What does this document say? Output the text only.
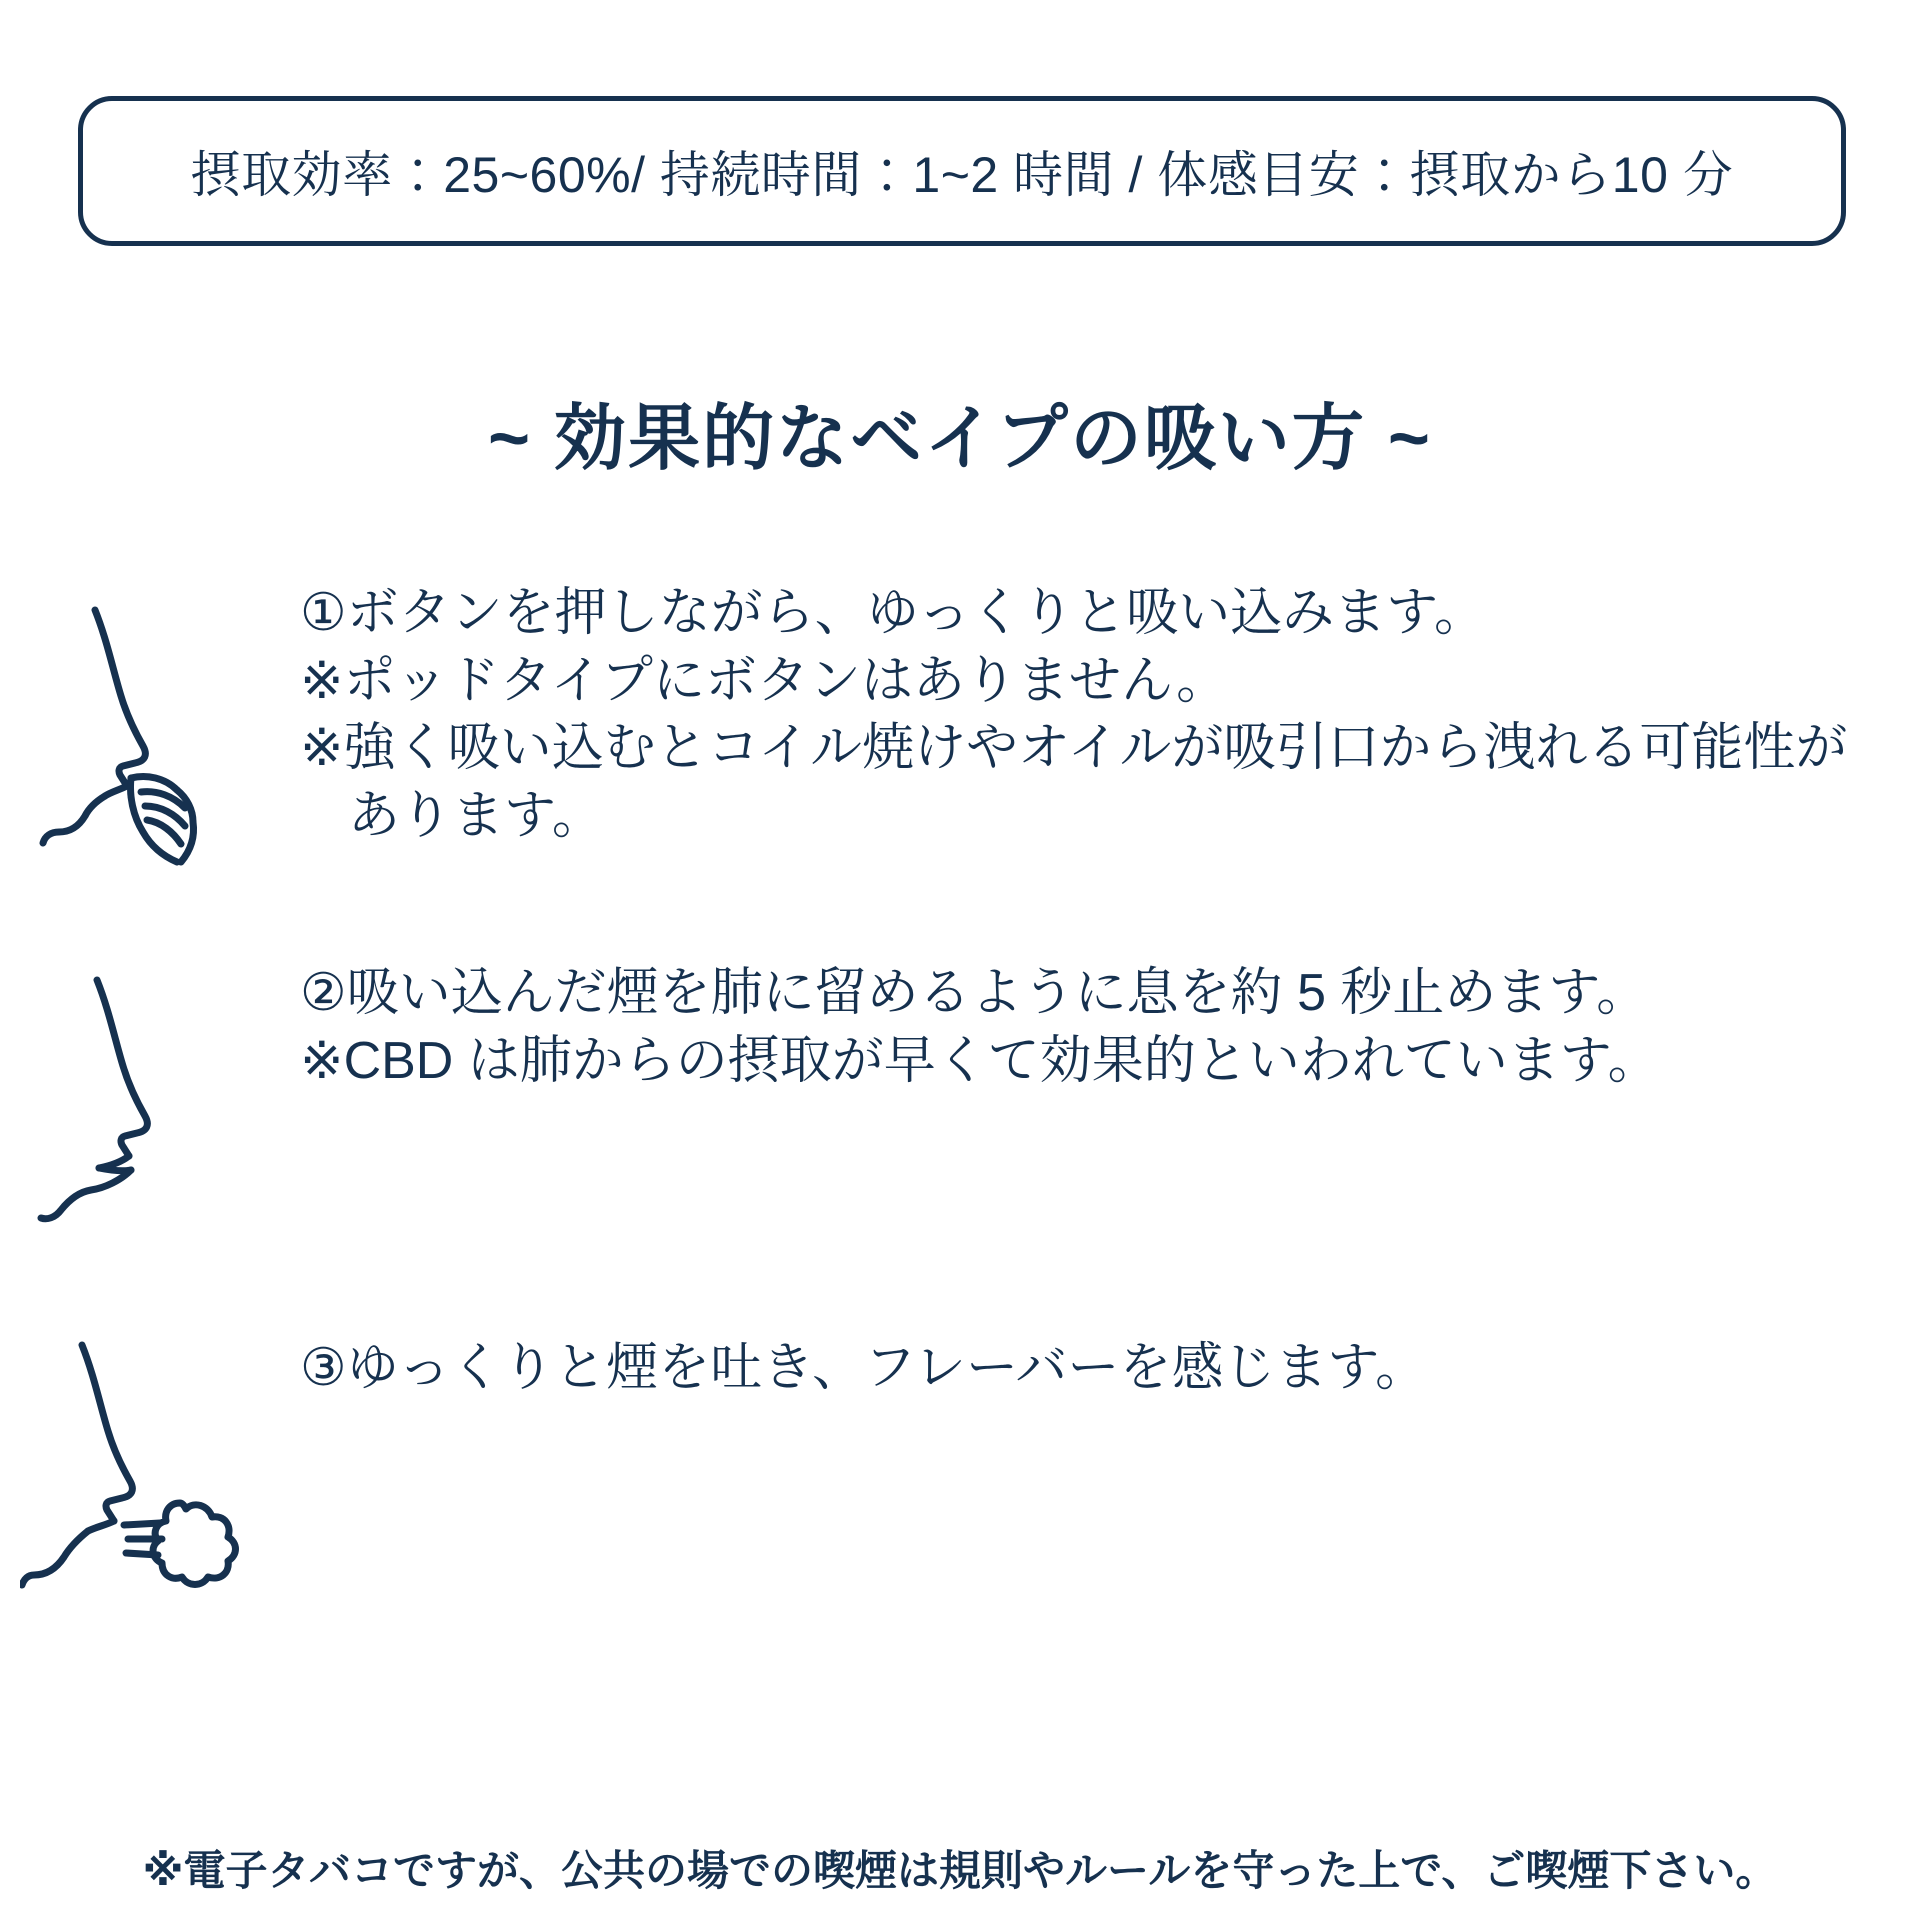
摂取効率：25~60%/ 持続時間：1~2 時間 / 体感目安：摂取から10 分
~ 効果的なベイプの吸い方 ~

①ボタンを押しながら、ゆっくりと吸い込みます。

※ポッドタイプにボタンはありません。

※強く吸い込むとコイル焼けやオイルが吸引口から洩れる可能性があります。

②吸い込んだ煙を肺に留めるように息を約 5 秒止めます。

※CBD は肺からの摂取が早くて効果的といわれています。

③ゆっくりと煙を吐き、フレーバーを感じます。

※電子タバコですが、公共の場での喫煙は規則やルールを守った上で、ご喫煙下さい。
